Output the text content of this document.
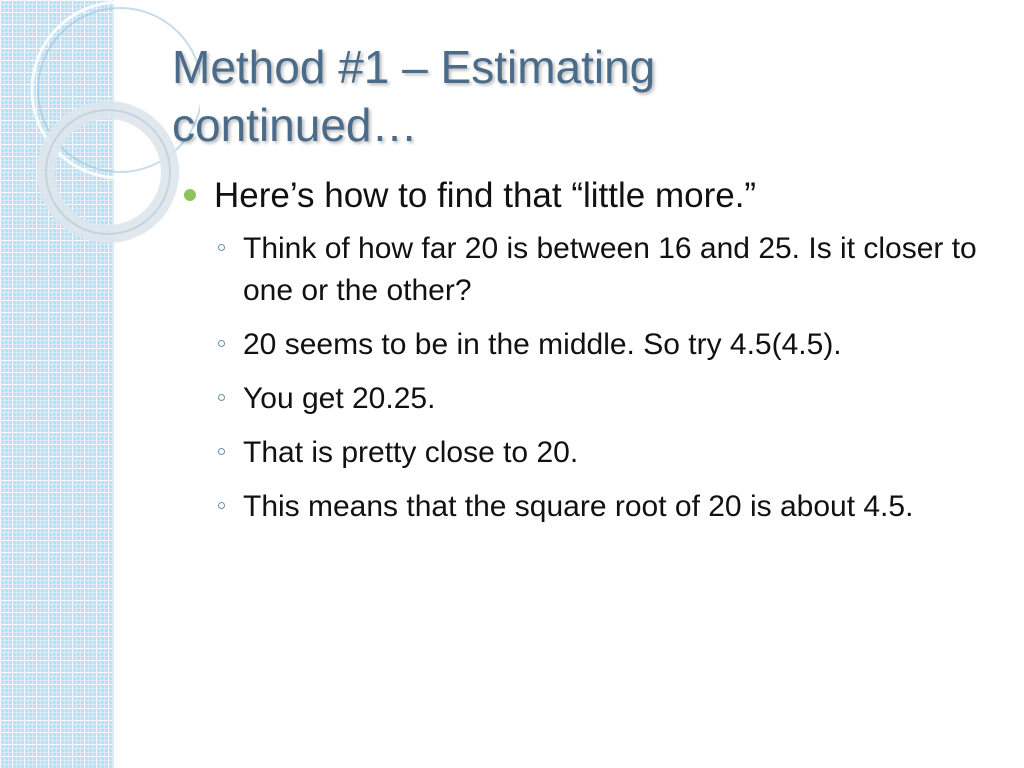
Method #1 – Estimating
continued…
Here’s how to find that “little more.”
Think of how far 20 is between 16 and 25. Is it closer to one or the other?
20 seems to be in the middle. So try 4.5(4.5).
You get 20.25.
That is pretty close to 20.
This means that the square root of 20 is about 4.5.
